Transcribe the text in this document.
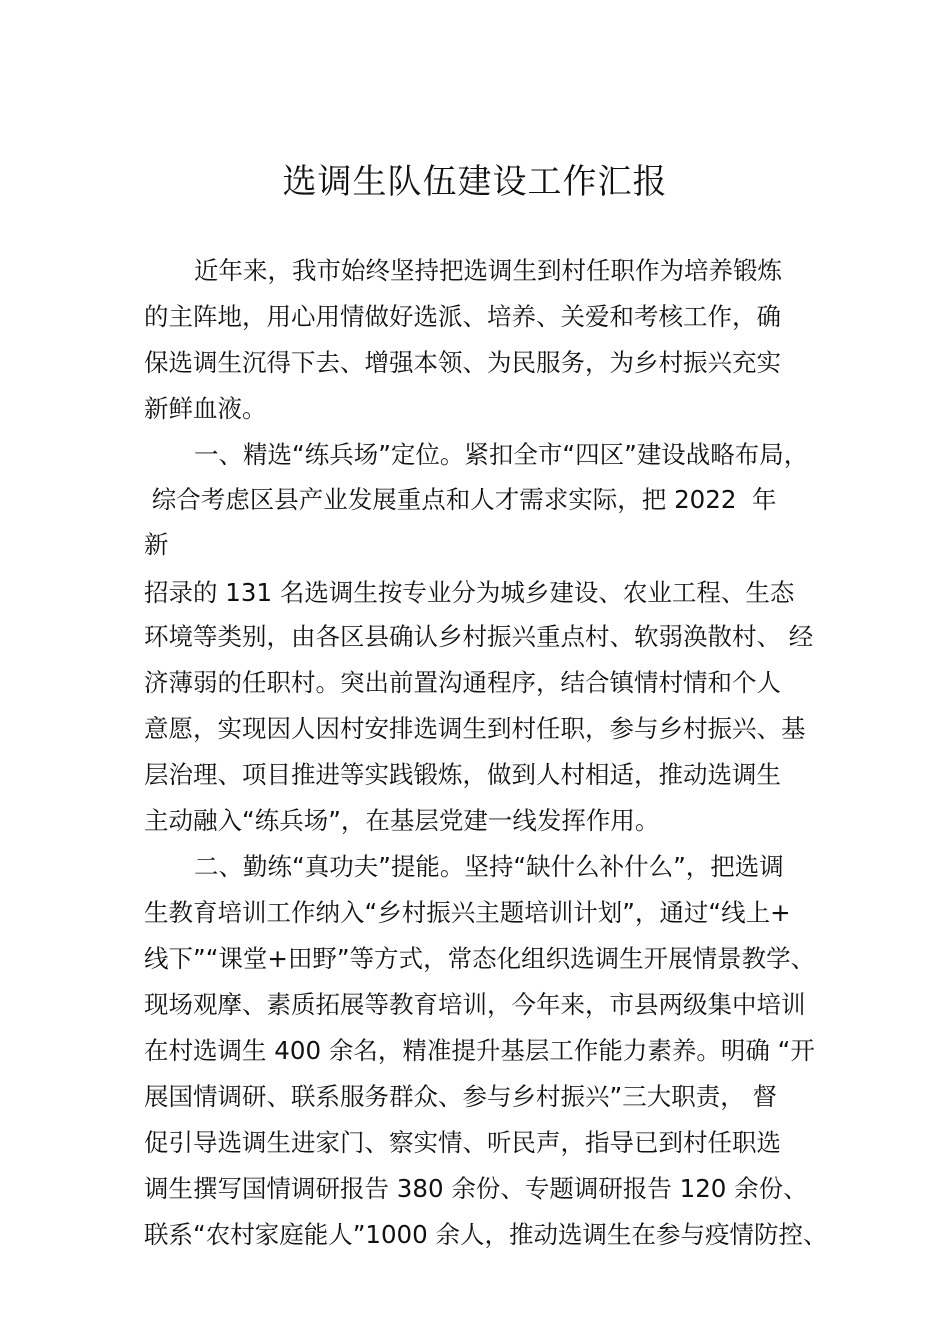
选调生队伍建设工作汇报
近年来，我市始终坚持把选调生到村任职作为培养锻炼
的主阵地，用心用情做好选派、培养、关爱和考核工作，确
保选调生沉得下去、增强本领、为民服务，为乡村振兴充实
新鲜血液。
一、精选“练兵场”定位。紧扣全市“四区”建设战略布局，
综合考虑区县产业发展重点和人才需求实际，把 2022  年
新
招录的 131 名选调生按专业分为城乡建设、农业工程、生态
环境等类别，由各区县确认乡村振兴重点村、软弱涣散村、 经
济薄弱的任职村。突出前置沟通程序，结合镇情村情和个人
意愿，实现因人因村安排选调生到村任职，参与乡村振兴、基
层治理、项目推进等实践锻炼，做到人村相适，推动选调生
主动融入“练兵场”，在基层党建一线发挥作用。
二、勤练“真功夫”提能。坚持“缺什么补什么”，把选调
生教育培训工作纳入“乡村振兴主题培训计划”，通过“线上+
线下”“课堂+田野”等方式，常态化组织选调生开展情景教学、
现场观摩、素质拓展等教育培训，今年来，市县两级集中培训
在村选调生 400 余名，精准提升基层工作能力素养。明确 “开
展国情调研、联系服务群众、参与乡村振兴”三大职责， 督
促引导选调生进家门、察实情、听民声，指导已到村任职选
调生撰写国情调研报告 380 余份、专题调研报告 120 余份、
联系“农村家庭能人”1000 余人，推动选调生在参与疫情防控、
